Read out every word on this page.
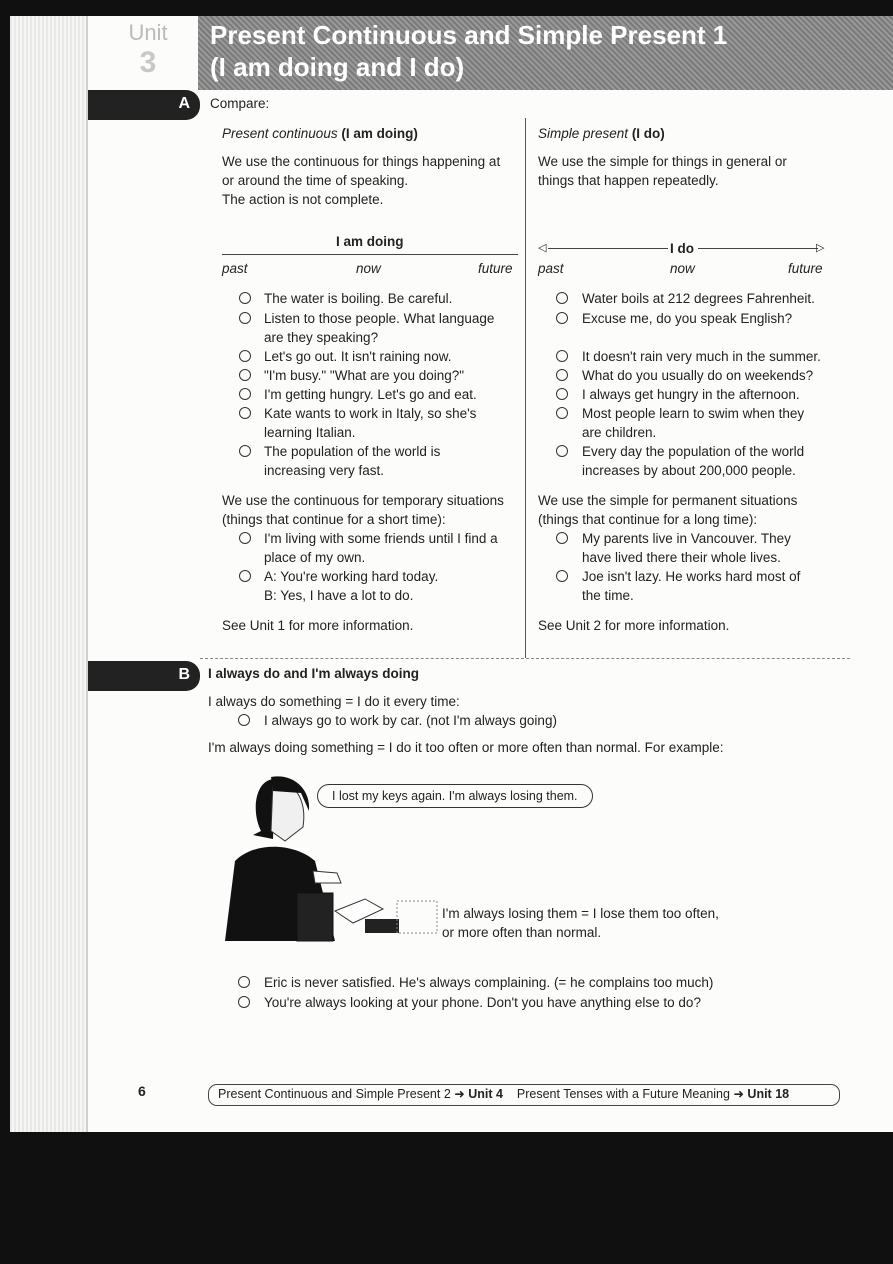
Unit
3
Present Continuous and Simple Present 1
(I am doing and I do)
A	Compare:
Present continuous (I am doing)
We use the continuous for things happening at
or around the time of speaking.
The action is not complete.
I am doing
past	now	future
The water is boiling. Be careful.
Listen to those people. What language
are they speaking?
Let's go out. It isn't raining now.
"I'm busy." "What are you doing?"
I'm getting hungry. Let's go and eat.
Kate wants to work in Italy, so she's
learning Italian.
The population of the world is
increasing very fast.
We use the continuous for temporary situations
(things that continue for a short time):
I'm living with some friends until I find a
place of my own.
A: You're working hard today.
B: Yes, I have a lot to do.
See Unit 1 for more information.
Simple present (I do)
We use the simple for things in general or
things that happen repeatedly.
◁	I do	▷
past	now	future
Water boils at 212 degrees Fahrenheit.
Excuse me, do you speak English?
It doesn't rain very much in the summer.
What do you usually do on weekends?
I always get hungry in the afternoon.
Most people learn to swim when they
are children.
Every day the population of the world
increases by about 200,000 people.
We use the simple for permanent situations
(things that continue for a long time):
My parents live in Vancouver. They
have lived there their whole lives.
Joe isn't lazy. He works hard most of
the time.
See Unit 2 for more information.
B	I always do and I'm always doing
I always do something = I do it every time:
I always go to work by car. (not I'm always going)
I'm always doing something = I do it too often or more often than normal. For example:
I lost my keys again. I'm always losing them.
I'm always losing them = I lose them too often,
or more often than normal.
Eric is never satisfied. He's always complaining. (= he complains too much)
You're always looking at your phone. Don't you have anything else to do?
6	Present Continuous and Simple Present 2 ➜ Unit 4 Present Tenses with a Future Meaning ➜ Unit 18
